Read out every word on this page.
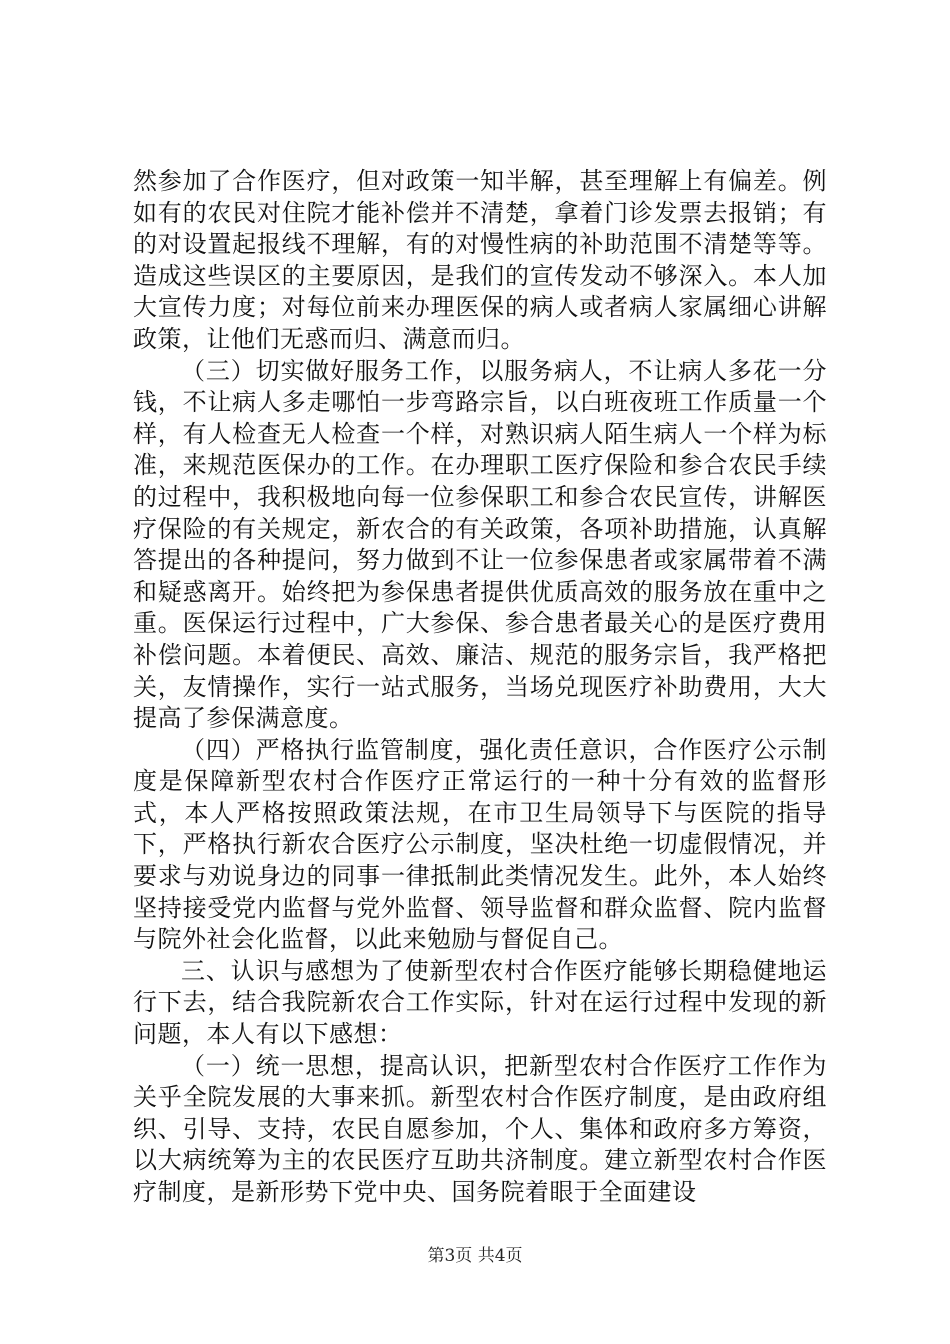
然参加了合作医疗，但对政策一知半解，甚至理解上有偏差。例如有的农民对住院才能补偿并不清楚，拿着门诊发票去报销；有的对设置起报线不理解，有的对慢性病的补助范围不清楚等等。造成这些误区的主要原因，是我们的宣传发动不够深入。本人加大宣传力度；对每位前来办理医保的病人或者病人家属细心讲解政策，让他们无惑而归、满意而归。

（三）切实做好服务工作，以服务病人，不让病人多花一分钱，不让病人多走哪怕一步弯路宗旨，以白班夜班工作质量一个样，有人检查无人检查一个样，对熟识病人陌生病人一个样为标准，来规范医保办的工作。在办理职工医疗保险和参合农民手续的过程中，我积极地向每一位参保职工和参合农民宣传，讲解医疗保险的有关规定，新农合的有关政策，各项补助措施，认真解答提出的各种提问，努力做到不让一位参保患者或家属带着不满和疑惑离开。始终把为参保患者提供优质高效的服务放在重中之重。医保运行过程中，广大参保、参合患者最关心的是医疗费用补偿问题。本着便民、高效、廉洁、规范的服务宗旨，我严格把关，友情操作，实行一站式服务，当场兑现医疗补助费用，大大提高了参保满意度。

（四）严格执行监管制度，强化责任意识，合作医疗公示制度是保障新型农村合作医疗正常运行的一种十分有效的监督形式，本人严格按照政策法规，在市卫生局领导下与医院的指导下，严格执行新农合医疗公示制度，坚决杜绝一切虚假情况，并要求与劝说身边的同事一律抵制此类情况发生。此外，本人始终坚持接受党内监督与党外监督、领导监督和群众监督、院内监督与院外社会化监督，以此来勉励与督促自己。

三、认识与感想为了使新型农村合作医疗能够长期稳健地运行下去，结合我院新农合工作实际，针对在运行过程中发现的新问题，本人有以下感想：

（一）统一思想，提高认识，把新型农村合作医疗工作作为关乎全院发展的大事来抓。新型农村合作医疗制度，是由政府组织、引导、支持，农民自愿参加，个人、集体和政府多方筹资，以大病统筹为主的农民医疗互助共济制度。建立新型农村合作医疗制度，是新形势下党中央、国务院着眼于全面建设

第3页 共4页
